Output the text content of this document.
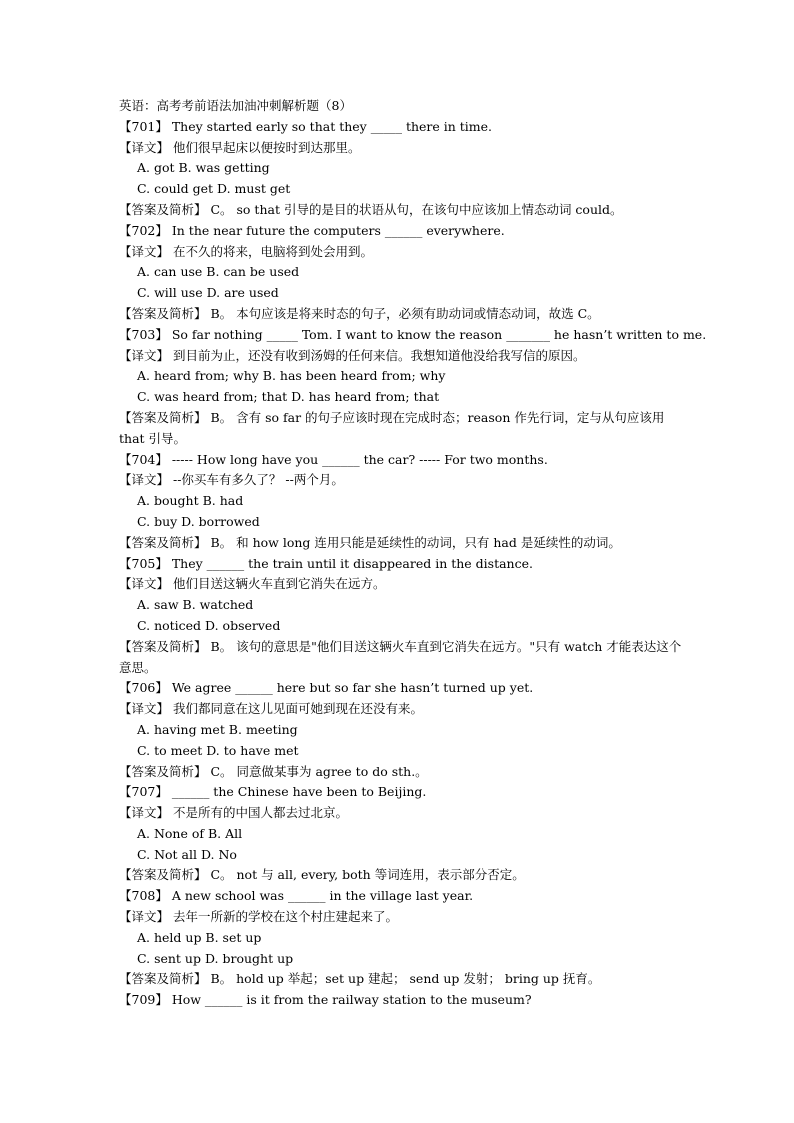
英语：高考考前语法加油冲刺解析题（8）
【701】 They started early so that they _____ there in time.
【译文】 他们很早起床以便按时到达那里。
A. got B. was getting
C. could get D. must get
【答案及简析】 C。 so that 引导的是目的状语从句，在该句中应该加上情态动词 could。
【702】 In the near future the computers ______ everywhere.
【译文】 在不久的将来，电脑将到处会用到。
A. can use B. can be used
C. will use D. are used
【答案及简析】 B。 本句应该是将来时态的句子，必须有助动词或情态动词，故选 C。
【703】 So far nothing _____ Tom. I want to know the reason _______ he hasn’t written to me.
【译文】 到目前为止，还没有收到汤姆的任何来信。我想知道他没给我写信的原因。
A. heard from; why B. has been heard from; why
C. was heard from; that D. has heard from; that
【答案及简析】 B。 含有 so far 的句子应该时现在完成时态；reason 作先行词，定与从句应该用 that 引导。
【704】 ----- How long have you ______ the car? ----- For two months.
【译文】 --你买车有多久了？ --两个月。
A. bought B. had
C. buy D. borrowed
【答案及简析】 B。 和 how long 连用只能是延续性的动词，只有 had 是延续性的动词。
【705】 They ______ the train until it disappeared in the distance.
【译文】 他们目送这辆火车直到它消失在远方。
A. saw B. watched
C. noticed D. observed
【答案及简析】 B。 该句的意思是"他们目送这辆火车直到它消失在远方。"只有 watch 才能表达这个意思。
【706】 We agree ______ here but so far she hasn’t turned up yet.
【译文】 我们都同意在这儿见面可她到现在还没有来。
A. having met B. meeting
C. to meet D. to have met
【答案及简析】 C。 同意做某事为 agree to do sth.。
【707】 ______ the Chinese have been to Beijing.
【译文】 不是所有的中国人都去过北京。
A. None of B. All
C. Not all D. No
【答案及简析】 C。 not 与 all, every, both 等词连用，表示部分否定。
【708】 A new school was ______ in the village last year.
【译文】 去年一所新的学校在这个村庄建起来了。
A. held up B. set up
C. sent up D. brought up
【答案及简析】 B。 hold up 举起；set up 建起； send up 发射； bring up 抚育。
【709】 How ______ is it from the railway station to the museum?
